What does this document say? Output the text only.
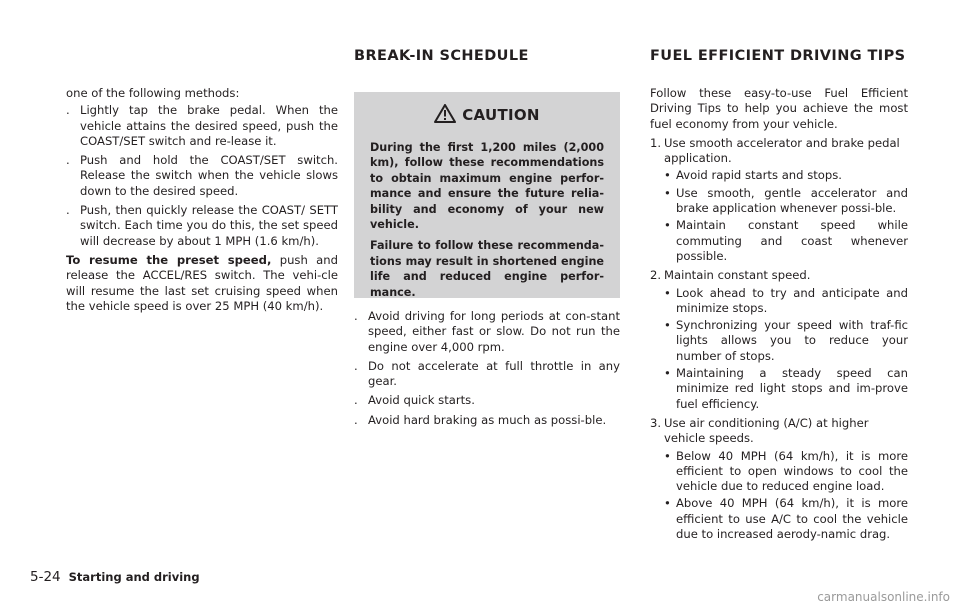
one of the following methods:

. Lightly tap the brake pedal. When the vehicle attains the desired speed, push the COAST/SET switch and re-lease it.
. Push and hold the COAST/SET switch. Release the switch when the vehicle slows down to the desired speed.
. Push, then quickly release the COAST/ SETT switch. Each time you do this, the set speed will decrease by about 1 MPH (1.6 km/h).

To resume the preset speed, push and release the ACCEL/RES switch. The vehi-cle will resume the last set cruising speed when the vehicle speed is over 25 MPH (40 km/h).

BREAK-IN SCHEDULE	FUEL EFFICIENT DRIVING TIPS
CAUTION

During the first 1,200 miles (2,000 km), follow these recommendations to obtain maximum engine perfor-mance and ensure the future relia-bility and economy of your new vehicle.

Failure to follow these recommenda-tions may result in shortened engine life and reduced engine perfor-mance.

. Avoid driving for long periods at con-stant speed, either fast or slow. Do not run the engine over 4,000 rpm.
. Do not accelerate at full throttle in any gear.
. Avoid quick starts.
. Avoid hard braking as much as possi-ble.

Follow these easy-to-use Fuel Efficient Driving Tips to help you achieve the most fuel economy from your vehicle.

1. Use smooth accelerator and brake pedal application.
• Avoid rapid starts and stops.
• Use smooth, gentle accelerator and brake application whenever possi-ble.
• Maintain constant speed while commuting and coast whenever possible.
2. Maintain constant speed.
• Look ahead to try and anticipate and minimize stops.
• Synchronizing your speed with traf-fic lights allows you to reduce your number of stops.
• Maintaining a steady speed can minimize red light stops and im-prove fuel efficiency.
3. Use air conditioning (A/C) at higher vehicle speeds.
• Below 40 MPH (64 km/h), it is more efficient to open windows to cool the vehicle due to reduced engine load.
• Above 40 MPH (64 km/h), it is more efficient to use A/C to cool the vehicle due to increased aerody-namic drag.
5-24 Starting and driving
carmanualsonline.info
